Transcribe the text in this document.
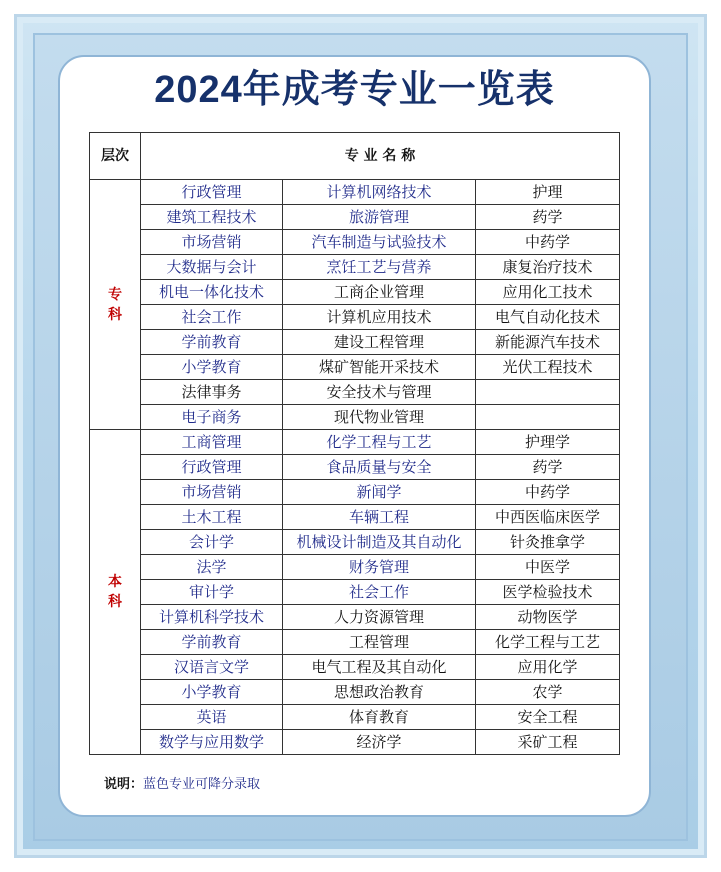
2024年成考专业一览表
层次	专 业 名 称		

专
科	行政管理	计算机网络技术	护理
	建筑工程技术	旅游管理	药学
	市场营销	汽车制造与试验技术	中药学
	大数据与会计	烹饪工艺与营养	康复治疗技术
	机电一体化技术	工商企业管理	应用化工技术
	社会工作	计算机应用技术	电气自动化技术
	学前教育	建设工程管理	新能源汽车技术
	小学教育	煤矿智能开采技术	光伏工程技术
	法律事务	安全技术与管理	
	电子商务	现代物业管理	

本
科	工商管理	化学工程与工艺	护理学
	行政管理	食品质量与安全	药学
	市场营销	新闻学	中药学
	土木工程	车辆工程	中西医临床医学
	会计学	机械设计制造及其自动化	针灸推拿学
	法学	财务管理	中医学
	审计学	社会工作	医学检验技术
	计算机科学技术	人力资源管理	动物医学
	学前教育	工程管理	化学工程与工艺
	汉语言文学	电气工程及其自动化	应用化学
	小学教育	思想政治教育	农学
	英语	体育教育	安全工程
	数学与应用数学	经济学	采矿工程
说明：蓝色专业可降分录取
